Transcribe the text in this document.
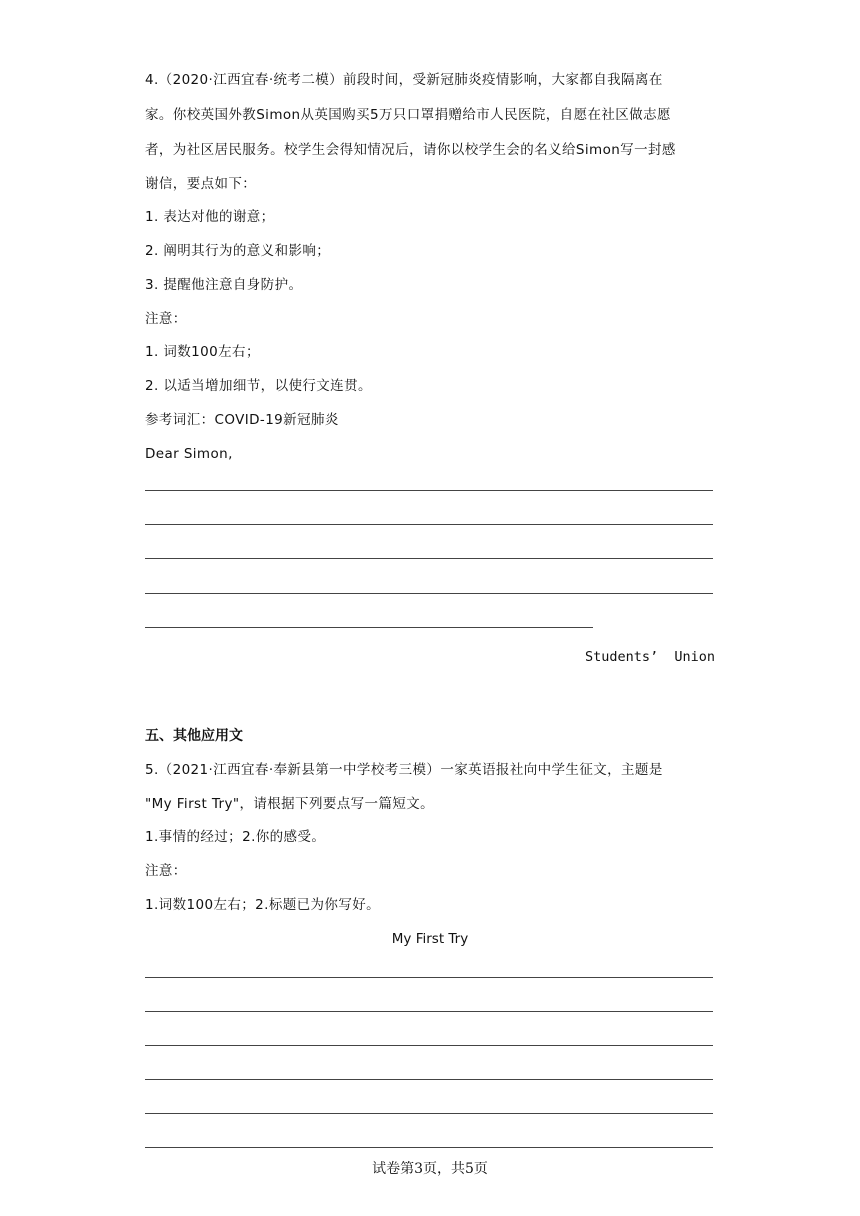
4.（2020·江西宜春·统考二模）前段时间，受新冠肺炎疫情影响，大家都自我隔离在
家。你校英国外教Simon从英国购买5万只口罩捐赠给市人民医院，自愿在社区做志愿
者，为社区居民服务。校学生会得知情况后，请你以校学生会的名义给Simon写一封感
谢信，要点如下：
1. 表达对他的谢意；
2. 阐明其行为的意义和影响；
3. 提醒他注意自身防护。
注意：
1. 词数100左右；
2. 以适当增加细节，以使行文连贯。
参考词汇：COVID-19新冠肺炎
Dear Simon,
Students’  Union
五、其他应用文
5.（2021·江西宜春·奉新县第一中学校考三模）一家英语报社向中学生征文，主题是
"My First Try"，请根据下列要点写一篇短文。
1.事情的经过；2.你的感受。
注意：
1.词数100左右；2.标题已为你写好。
My First Try
试卷第3页，共5页
